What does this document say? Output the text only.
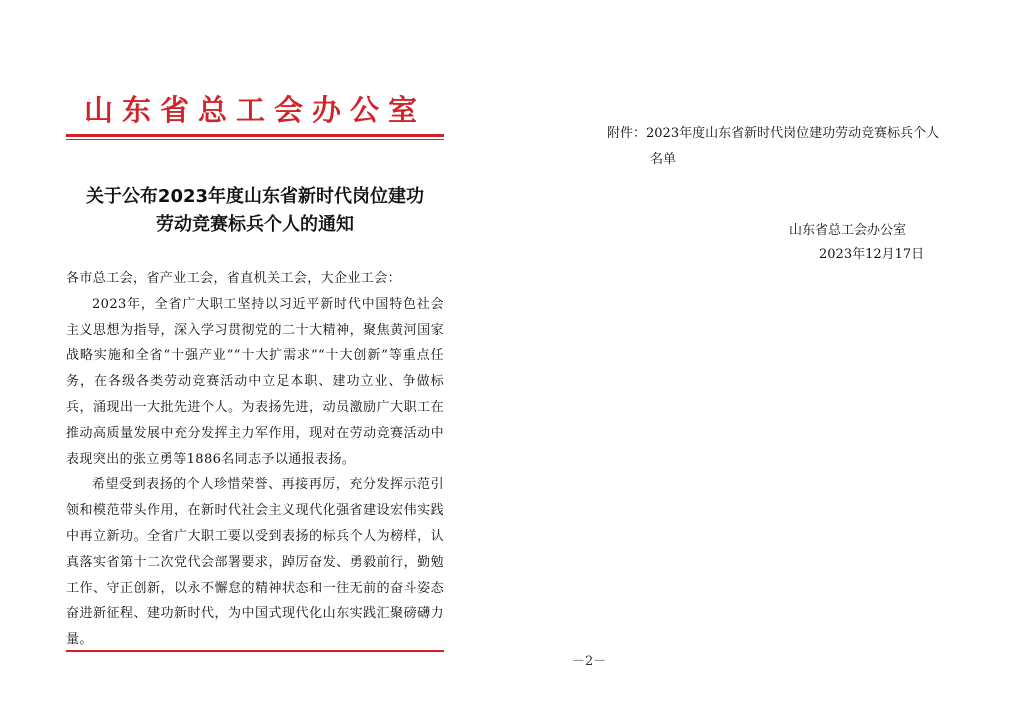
山东省总工会办公室
关于公布2023年度山东省新时代岗位建功
劳动竞赛标兵个人的通知

各市总工会，省产业工会，省直机关工会，大企业工会：

2023年，全省广大职工坚持以习近平新时代中国特色社会主义思想为指导，深入学习贯彻党的二十大精神，聚焦黄河国家战略实施和全省“十强产业”“十大扩需求”“十大创新”等重点任务，在各级各类劳动竞赛活动中立足本职、建功立业、争做标兵，涌现出一大批先进个人。为表扬先进，动员激励广大职工在推动高质量发展中充分发挥主力军作用，现对在劳动竞赛活动中表现突出的张立勇等1886名同志予以通报表扬。

希望受到表扬的个人珍惜荣誉、再接再厉，充分发挥示范引领和模范带头作用，在新时代社会主义现代化强省建设宏伟实践中再立新功。全省广大职工要以受到表扬的标兵个人为榜样，认真落实省第十二次党代会部署要求，踔厉奋发、勇毅前行，勤勉工作、守正创新，以永不懈怠的精神状态和一往无前的奋斗姿态奋进新征程、建功新时代，为中国式现代化山东实践汇聚磅礴力量。

附件：2023年度山东省新时代岗位建功劳动竞赛标兵个人
名单
山东省总工会办公室
2023年12月17日
－2－
